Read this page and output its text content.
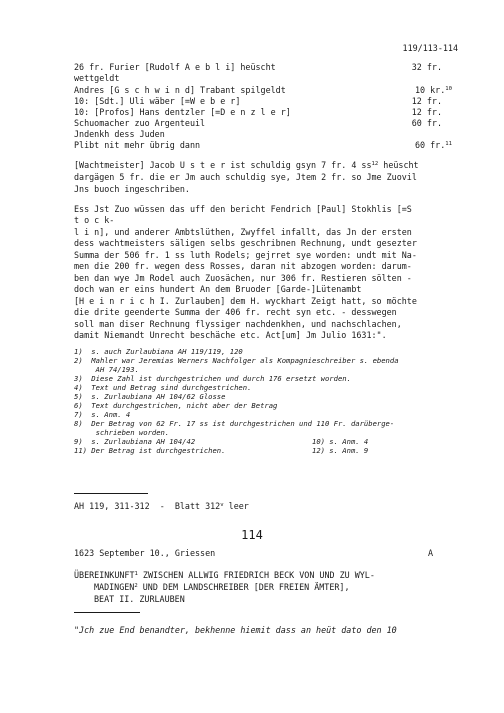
119/113-114
26 fr. Furier [Rudolf A e b l i] heüscht	32 fr.
wettgeldt
Andres [G s c h w i n d] Trabant spilgeldt	10 kr.$^{10}$
10: [Sdt.] Uli wäber [=W e b e r]	12 fr.
10: [Profos] Hans dentzler [=D e n z l e r]	12 fr.
Schuomacher zuo Argenteuil	60 fr.
Jndenkh dess Juden
Plibt nit mehr übrig dann	60 fr.$^{11}$
[Wachtmeister] Jacob U s t e r ist schuldig gsyn 7 fr. 4 $ss^{12}$ heüscht
dargägen 5 fr. die er Jm auch schuldig sye, Jtem 2 fr. so Jme Zuovil
Jns buoch ingeschriben.
Ess Jst Zuo wüssen das uff den bericht Fendrich [Paul] Stokhlis [=S
t o c k-
l i n], und anderer Ambtslüthen, Zwyffel infallt, das Jn der ersten
dess wachtmeisters säligen selbs geschribnen Rechnung, undt gesezter
Summa der 506 fr. 1 ss luth Rodels; gejrret sye worden: undt mit Na-
men die 200 fr. wegen dess Rosses, daran nit abzogen worden: darum-
ben dan wye Jm Rodel auch Zuosächen, nur 306 fr. Restieren sölten -
doch wan er eins hundert An dem Bruoder [Garde-]Lütenambt
[H e i n r i c h I. Zurlauben] dem H. wyckhart Zeigt hatt, so möchte
die drite geenderte Summa der 406 fr. recht syn etc. - desswegen
soll man diser Rechnung flyssiger nachdenkhen, und nachschlachen,
damit Niemandt Unrecht beschäche etc. Act[um] Jm Julio 1631:".
1)  s. auch Zurlaubiana AH 119/119, 120
2)  Mahler war Jeremias Werners Nachfolger als Kompagnieschreiber s. ebenda
AH 74/193.
3)  Diese Zahl ist durchgestrichen und durch 176 ersetzt worden.
4)  Text und Betrag sind durchgestrichen.
5)  s. Zurlaubiana AH 104/62 Glosse
6)  Text durchgestrichen, nicht aber der Betrag
7)  s. Anm. 4
8)  Der Betrag von 62 Fr. 17 ss ist durchgestrichen und 110 Fr. darüberge-
schrieben worden.
9)  s. Zurlaubiana AH 104/42	10) s. Anm. 4
11) Der Betrag ist durchgestrichen.	12) s. Anm. 9
AH 119, 311-312  -  Blatt 312$^v$ leer
114
1623 September 10., Griessen	A
ÜBEREINKUNFT$^1$ ZWISCHEN ALLWIG FRIEDRICH BECK VON UND ZU WYL-
MADINGEN$^2$ UND DEM LANDSCHREIBER [DER FREIEN ÄMTER],
BEAT II. ZURLAUBEN
"Jch zue End benandter, bekhenne hiemit dass an heüt dato den 10
